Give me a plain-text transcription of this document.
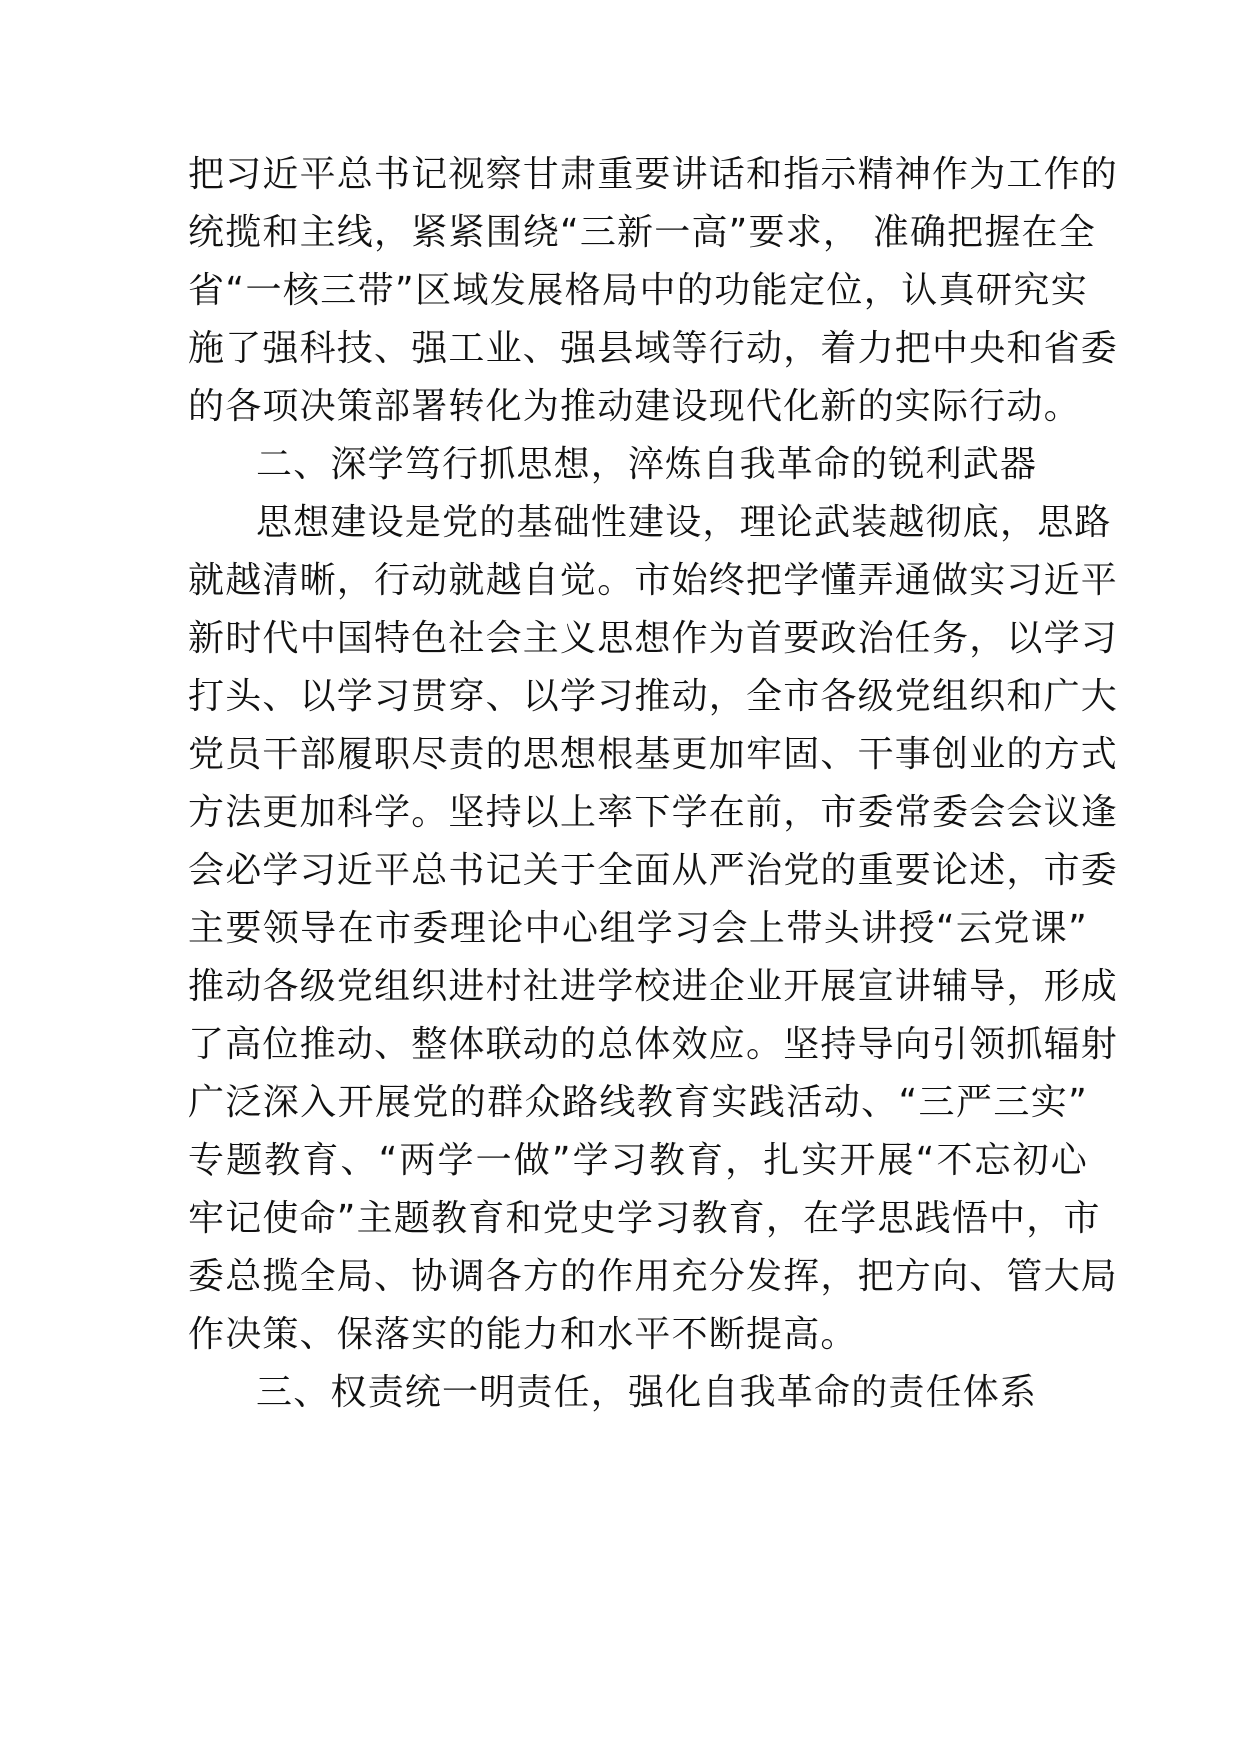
把习近平总书记视察甘肃重要讲话和指示精神作为工作的
统揽和主线，紧紧围绕“三新一高”要求， 准确把握在全
省“一核三带”区域发展格局中的功能定位，认真研究实
施了强科技、强工业、强县域等行动，着力把中央和省委
的各项决策部署转化为推动建设现代化新的实际行动。
二、深学笃行抓思想，淬炼自我革命的锐利武器
思想建设是党的基础性建设，理论武装越彻底，思路
就越清晰，行动就越自觉。市始终把学懂弄通做实习近平
新时代中国特色社会主义思想作为首要政治任务，以学习
打头、以学习贯穿、以学习推动，全市各级党组织和广大
党员干部履职尽责的思想根基更加牢固、干事创业的方式
方法更加科学。坚持以上率下学在前，市委常委会会议逢
会必学习近平总书记关于全面从严治党的重要论述，市委
主要领导在市委理论中心组学习会上带头讲授“云党课”
推动各级党组织进村社进学校进企业开展宣讲辅导，形成
了高位推动、整体联动的总体效应。坚持导向引领抓辐射
广泛深入开展党的群众路线教育实践活动、“三严三实”
专题教育、“两学一做”学习教育，扎实开展“不忘初心
牢记使命”主题教育和党史学习教育，在学思践悟中，市
委总揽全局、协调各方的作用充分发挥，把方向、管大局
作决策、保落实的能力和水平不断提高。
三、权责统一明责任，强化自我革命的责任体系
